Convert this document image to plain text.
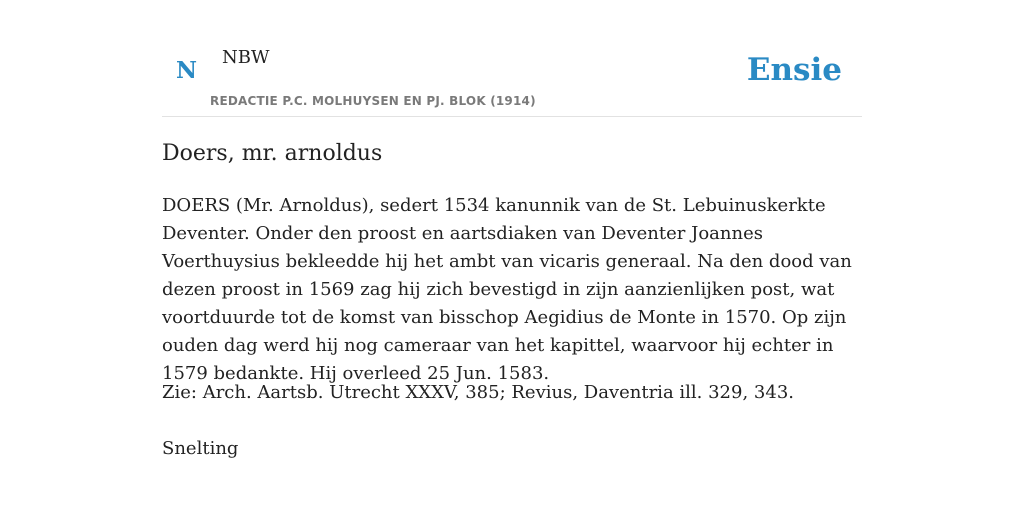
N NBW
REDACTIE P.C. MOLHUYSEN EN PJ. BLOK (1914)
Ensie
Doers, mr. arnoldus

DOERS (Mr. Arnoldus), sedert 1534 kanunnik van de St. Lebuinuskerkte Deventer. Onder den proost en aartsdiaken van Deventer Joannes Voerthuysius bekleedde hij het ambt van vicaris generaal. Na den dood van dezen proost in 1569 zag hij zich bevestigd in zijn aanzienlijken post, wat voortduurde tot de komst van bisschop Aegidius de Monte in 1570. Op zijn ouden dag werd hij nog cameraar van het kapittel, waarvoor hij echter in 1579 bedankte. Hij overleed 25 Jun. 1583.

Zie: Arch. Aartsb. Utrecht XXXV, 385; Revius, Daventria ill. 329, 343.

Snelting
